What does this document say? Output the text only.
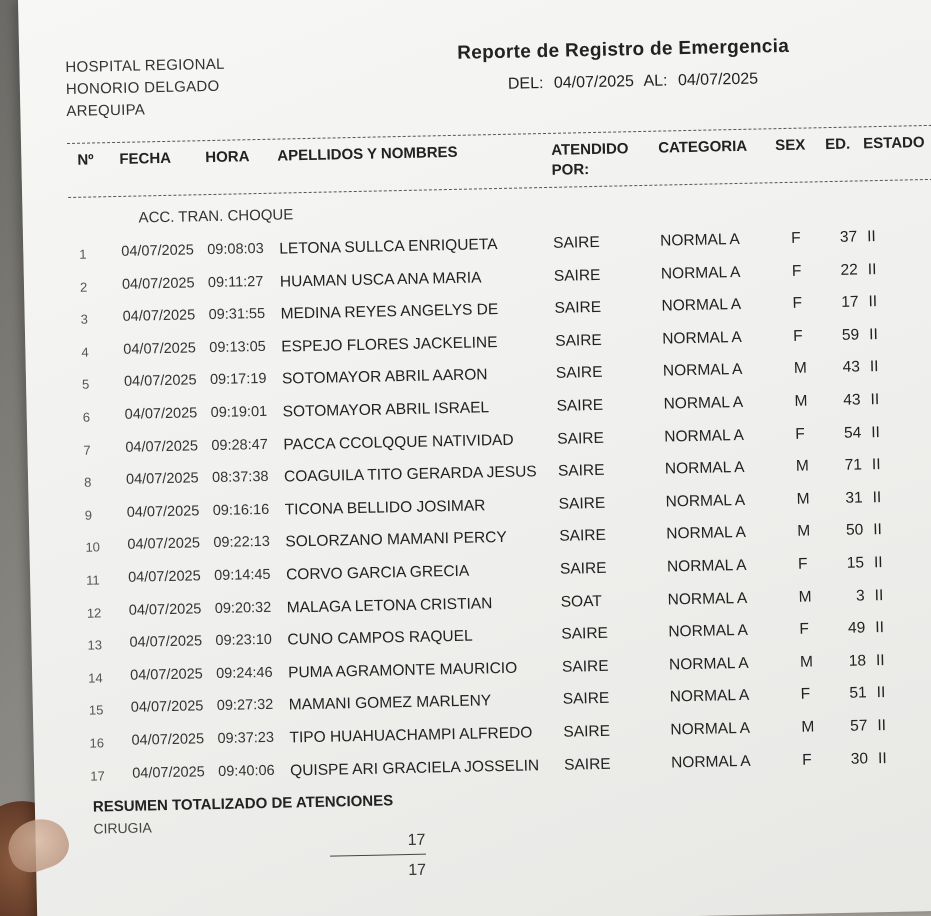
HOSPITAL REGIONAL
HONORIO DELGADO
AREQUIPA
Reporte de Registro de Emergencia
DEL: 04/07/2025 AL: 04/07/2025
Nº FECHA HORA APELLIDOS Y NOMBRES	ATENDIDO
POR:
CATEGORIA SEX ED. ESTADO
ACC. TRAN. CHOQUE
1 04/07/2025 09:08:03 LETONA SULLCA ENRIQUETA	SAIRE	NORMAL A	F	37 II
2 04/07/2025 09:11:27 HUAMAN USCA ANA MARIA	SAIRE	NORMAL A	F	22 II
3 04/07/2025 09:31:55 MEDINA REYES ANGELYS DE	SAIRE	NORMAL A	F	17 II
4 04/07/2025 09:13:05 ESPEJO FLORES JACKELINE	SAIRE	NORMAL A	F	59 II
5 04/07/2025 09:17:19 SOTOMAYOR ABRIL AARON	SAIRE	NORMAL A	M	43 II
6 04/07/2025 09:19:01 SOTOMAYOR ABRIL ISRAEL	SAIRE	NORMAL A	M	43 II
7 04/07/2025 09:28:47 PACCA CCOLQQUE NATIVIDAD	SAIRE	NORMAL A	F	54 II
8 04/07/2025 08:37:38 COAGUILA TITO GERARDA JESUS SAIRE	NORMAL A	M	71 II
9 04/07/2025 09:16:16 TICONA BELLIDO JOSIMAR	SAIRE	NORMAL A	M	31 II
10 04/07/2025 09:22:13 SOLORZANO MAMANI PERCY	SAIRE	NORMAL A	M	50 II
11 04/07/2025 09:14:45 CORVO GARCIA GRECIA	SAIRE	NORMAL A	F	15 II
12 04/07/2025 09:20:32 MALAGA LETONA CRISTIAN	SOAT	NORMAL A	M	3 II
13 04/07/2025 09:23:10 CUNO CAMPOS RAQUEL	SAIRE	NORMAL A	F	49 II
14 04/07/2025 09:24:46 PUMA AGRAMONTE MAURICIO	SAIRE	NORMAL A	M	18 II
15 04/07/2025 09:27:32 MAMANI GOMEZ MARLENY	SAIRE	NORMAL A	F	51 II
16 04/07/2025 09:37:23 TIPO HUAHUACHAMPI ALFREDO SAIRE	NORMAL A	M	57 II
17 04/07/2025 09:40:06 QUISPE ARI GRACIELA JOSSELIN SAIRE	NORMAL A	F	30 II
RESUMEN TOTALIZADO DE ATENCIONES
CIRUGIA
17
17
